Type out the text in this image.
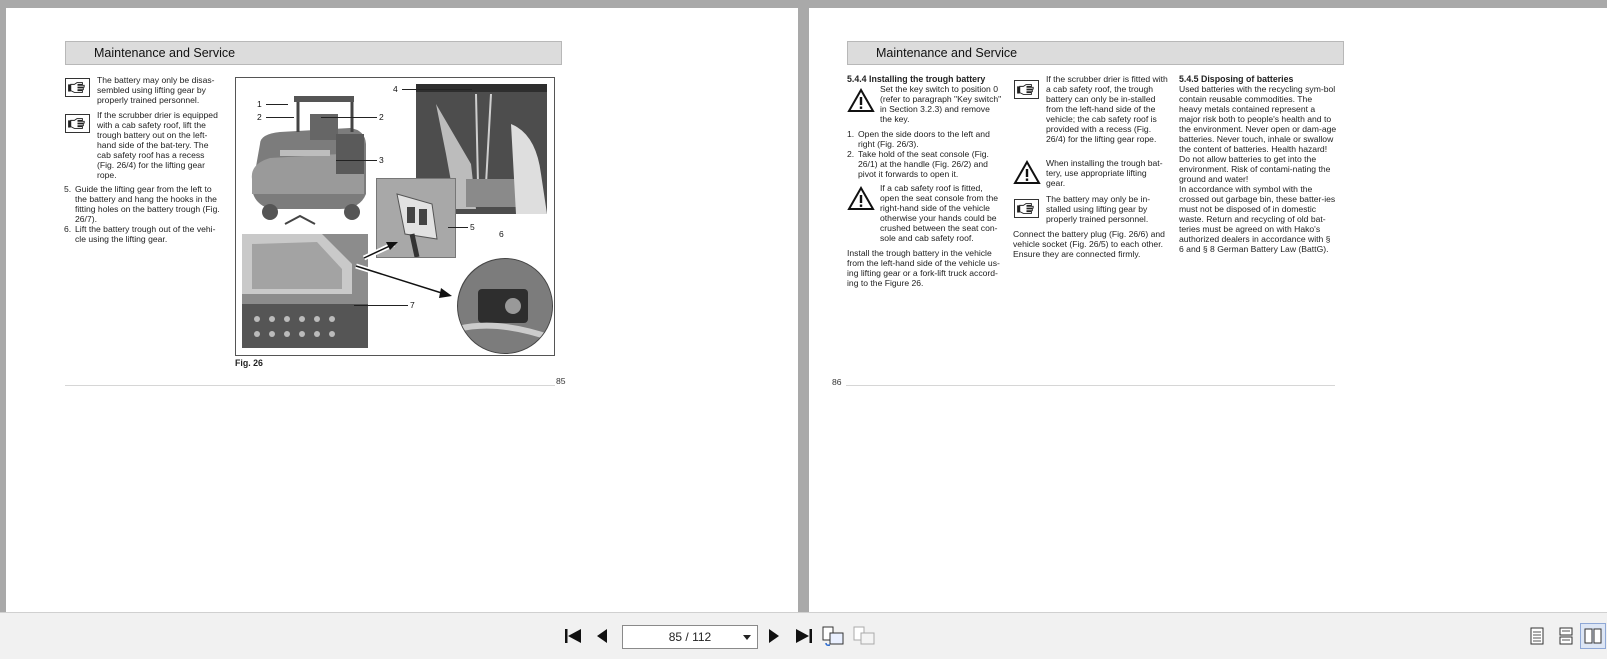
Maintenance and Service
The battery may only be disas-sembled using lifting gear by properly trained personnel.
If the scrubber drier is equipped with a cab safety roof, lift the trough battery out on the left-hand side of the bat-tery. The cab safety roof has a recess (Fig. 26/4) for the lifting gear rope.
5. Guide the lifting gear from the left to the battery and hang the hooks in the fitting holes on the battery trough (Fig. 26/7).
6. Lift the battery trough out of the vehi-cle using the lifting gear.
1
2	2
3
4
5
6
7
Fig. 26
85
Maintenance and Service
5.4.4 Installing the trough battery
Set the key switch to position 0 (refer to paragraph "Key switch" in Section 3.2.3) and remove the key.
1. Open the side doors to the left and right (Fig. 26/3).
2. Take hold of the seat console (Fig. 26/1) at the handle (Fig. 26/2) and pivot it forwards to open it.
If a cab safety roof is fitted, open the seat console from the right-hand side of the vehicle otherwise your hands could be crushed between the seat con-sole and cab safety roof.
Install the trough battery in the vehicle from the left-hand side of the vehicle us-ing lifting gear or a fork-lift truck accord-ing to the Figure 26.
If the scrubber drier is fitted with a cab safety roof, the trough battery can only be in-stalled from the left-hand side of the vehicle; the cab safety roof is provided with a recess (Fig. 26/4) for the lifting gear rope.
When installing the trough bat-tery, use appropriate lifting gear.
The battery may only be in-stalled using lifting gear by properly trained personnel.
Connect the battery plug (Fig. 26/6) and vehicle socket (Fig. 26/5) to each other. Ensure they are connected firmly.
5.4.5 Disposing of batteries

Used batteries with the recycling sym-bol contain reusable commodities. The heavy metals contained represent a major risk both to people's health and to the environment. Never open or dam-age batteries. Never touch, inhale or swallow the content of batteries. Health hazard! Do not allow batteries to get into the environment. Risk of contami-nating the ground and water!

In accordance with symbol with the crossed out garbage bin, these batter-ies must not be disposed of in domestic waste. Return and recycling of old bat-teries must be agreed on with Hako's authorized dealers in accordance with § 6 and § 8 German Battery Law (BattG).

86
85 / 112
